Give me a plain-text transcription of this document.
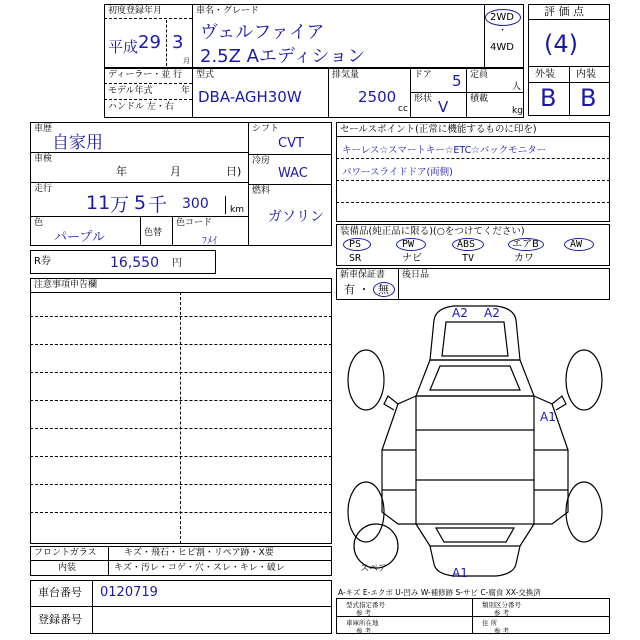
初度登録年月
平成 29 3
月
車名・グレード
ヴェルファイア
2.5Z Aエディション
2WD
・
4WD
評 価 点
(4)
外装 内装
B B
ディーラー・並 行
モデル年式	年
ハンドル 左・右
型式
DBA-AGH30W
排気量
2500
cc
ドア 5
形状 V
定員
人
積載
kg
車歴
自家用
車検
年	月	日)
走行
11 万 5 千 300 km
色
パープル	色替
色コード
ﾌﾒｲ
シフト
CVT
冷房
WAC
燃料
ガソリン
R券	16,550 円
セールスポイント(正常に機能するものに印を)
キーレス☆スマートキー☆ETC☆バックモニター
パワースライドドア(両側)
装備品(純正品に限る)(○をつけてください)
PS	PW	ABS	エアB	AW
SR	ナビ	TV	カワ
新車保証書
有 ・ 無
後日品
注意事項申告欄
A2 A2
A1
A1
スペア
フロントガラス	キズ・飛石・ヒビ割・リペア跡・X要
内装	キズ・汚レ・コゲ・穴・スレ・キレ・破レ
車台番号 0120719
登録番号
A-キズ E-エクボ U-凹み W-補修跡 S-サビ C-腐食 XX-交換済
型式指定番号
参 考
類別区分番号
参 考
車庫所在地
参 考
住 所
参 考
